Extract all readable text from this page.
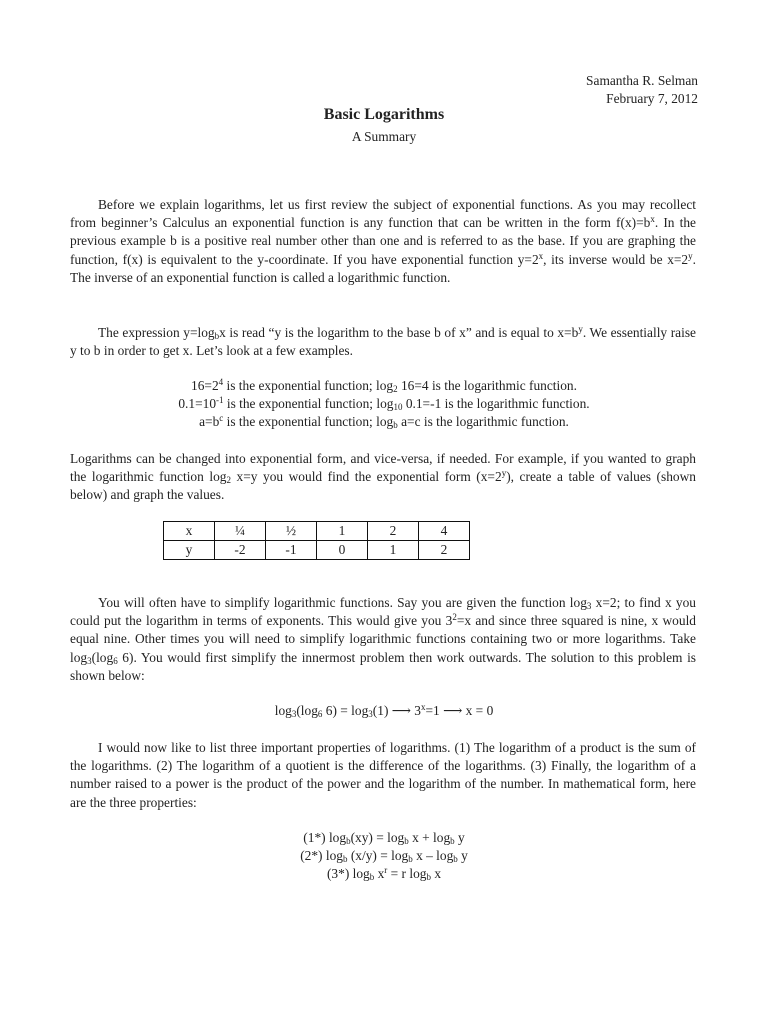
Samantha R. Selman
February 7, 2012
Basic Logarithms
A Summary
Before we explain logarithms, let us first review the subject of exponential functions. As you may recollect from beginner’s Calculus an exponential function is any function that can be written in the form $f(x)=b^x$. In the previous example b is a positive real number other than one and is referred to as the base. If you are graphing the function, f(x) is equivalent to the y-coordinate. If you have exponential function $y=2^x$, its inverse would be $x=2^y$. The inverse of an exponential function is called a logarithmic function.
The expression $y=\log_bx$ is read “y is the logarithm to the base b of x” and is equal to $x=b^y$. We essentially raise y to b in order to get x. Let’s look at a few examples.
$16=2^4$ is the exponential function; $\log_2 16=4$ is the logarithmic function.
$0.1=10^{-1}$ is the exponential function; $\log_{10} 0.1=-1$ is the logarithmic function.
$a=b^c$ is the exponential function; $\log_b a=c$ is the logarithmic function.
Logarithms can be changed into exponential form, and vice-versa, if needed. For example, if you wanted to graph the logarithmic function $\log_2 x=y$ you would find the exponential form $(x=2^y)$, create a table of values (shown below) and graph the values.
x	¼	½	1	2	4
y	-2	-1	0	1	2
You will often have to simplify logarithmic functions. Say you are given the function $\log_3 x=2$; to find x you could put the logarithm in terms of exponents. This would give you $3^2=x$ and since three squared is nine, x would equal nine. Other times you will need to simplify logarithmic functions containing two or more logarithms. Take $\log_3(\log_6$ 6). You would first simplify the innermost problem then work outwards. The solution to this problem is shown below:
$\log_3(\log_6$ $6) = \log_3(1)$ ⟶ $3^x=1$ ⟶ x = 0
I would now like to list three important properties of logarithms. (1) The logarithm of a product is the sum of the logarithms. (2) The logarithm of a quotient is the difference of the logarithms. (3) Finally, the logarithm of a number raised to a power is the product of the power and the logarithm of the number. In mathematical form, here are the three properties:
(1*) $\log_b(xy) = \log_b x + \log_b y$
(2*) $\log_b (x/y) = \log_b x - \log_b y$
(3*) $\log_b x^r = r$ $\log_b x$
